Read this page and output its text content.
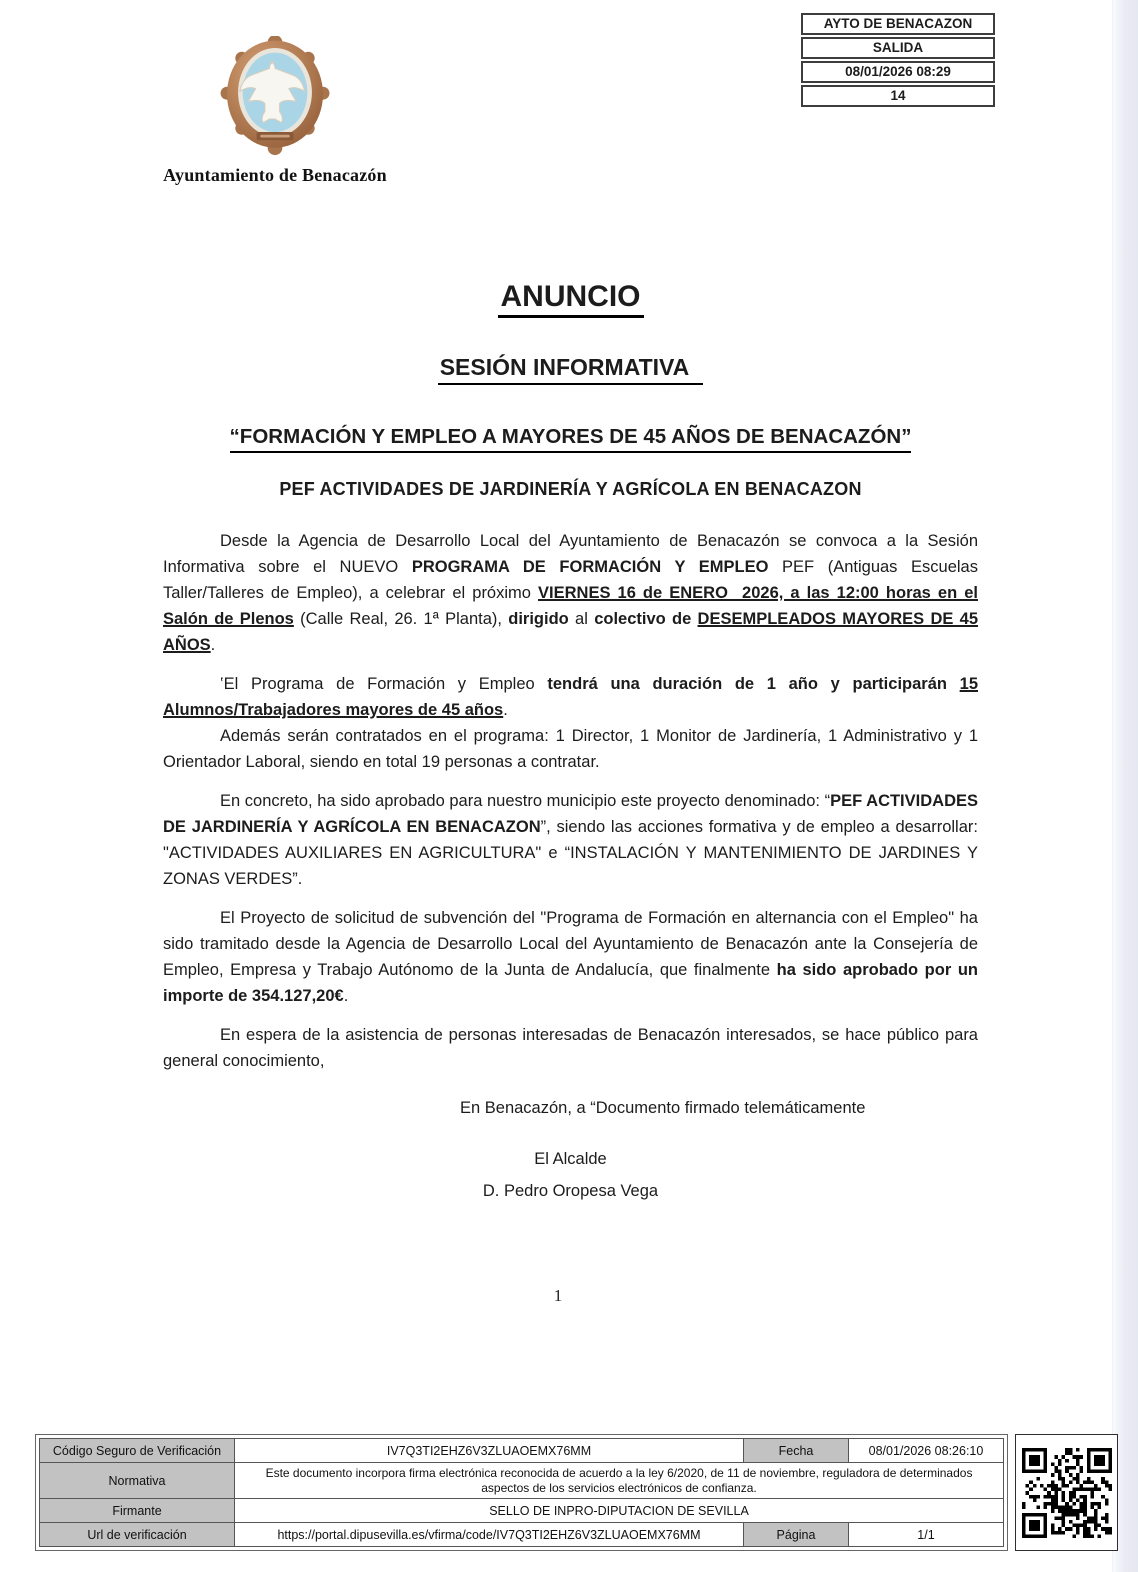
Ayuntamiento de Benacazón
AYTO DE BENACAZON
SALIDA
08/01/2026 08:29
14
ANUNCIO
SESIÓN INFORMATIVA
“FORMACIÓN Y EMPLEO A MAYORES DE 45 AÑOS DE BENACAZÓN”
PEF ACTIVIDADES DE JARDINERÍA Y AGRÍCOLA EN BENACAZON

Desde la Agencia de Desarrollo Local del Ayuntamiento de Benacazón se convoca a la Sesión Informativa sobre el NUEVO PROGRAMA DE FORMACIÓN Y EMPLEO PEF (Antiguas Escuelas Taller/Talleres de Empleo), a celebrar el próximo VIERNES 16 de ENERO  2026, a las 12:00 horas en el Salón de Plenos (Calle Real, 26. 1ª Planta), dirigido al colectivo de DESEMPLEADOS MAYORES DE 45 AÑOS.

‛El Programa de Formación y Empleo tendrá una duración de 1 año y participarán 15 Alumnos/Trabajadores mayores de 45 años.

Además serán contratados en el programa: 1 Director, 1 Monitor de Jardinería, 1 Administrativo y 1 Orientador Laboral, siendo en total 19 personas a contratar.

En concreto, ha sido aprobado para nuestro municipio este proyecto denominado: “PEF ACTIVIDADES DE JARDINERÍA Y AGRÍCOLA EN BENACAZON”, siendo las acciones formativa y de empleo a desarrollar: "ACTIVIDADES AUXILIARES EN AGRICULTURA" e “INSTALACIÓN Y MANTENIMIENTO DE JARDINES Y ZONAS VERDES”.

El Proyecto de solicitud de subvención del "Programa de Formación en alternancia con el Empleo" ha sido tramitado desde la Agencia de Desarrollo Local del Ayuntamiento de Benacazón ante la Consejería de Empleo, Empresa y Trabajo Autónomo de la Junta de Andalucía, que finalmente ha sido aprobado por un importe de 354.127,20€.

En espera de la asistencia de personas interesadas de Benacazón interesados, se hace público para general conocimiento,

En Benacazón, a “Documento firmado telemáticamente
El Alcalde
D. Pedro Oropesa Vega
1
Código Seguro de Verificación	IV7Q3TI2EHZ6V3ZLUAOEMX76MM	Fecha	08/01/2026 08:26:10
Normativa	Este documento incorpora firma electrónica reconocida de acuerdo a la ley 6/2020, de 11 de noviembre, reguladora de determinados aspectos de los servicios electrónicos de confianza.		
Firmante	SELLO DE INPRO-DIPUTACION DE SEVILLA		
Url de verificación	https://portal.dipusevilla.es/vfirma/code/IV7Q3TI2EHZ6V3ZLUAOEMX76MM	Página	1/1
